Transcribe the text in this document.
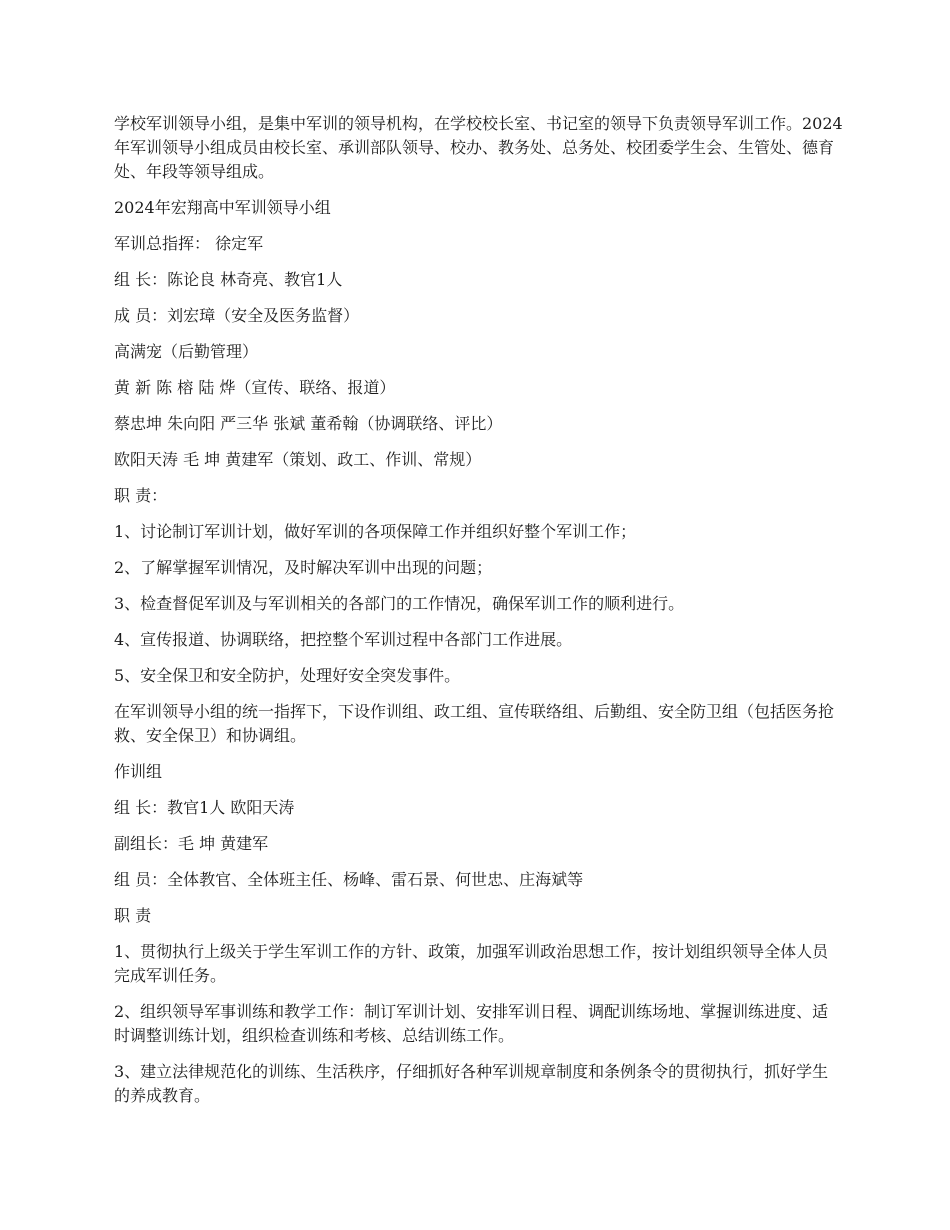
学校军训领导小组，是集中军训的领导机构，在学校校长室、书记室的领导下负责领导军训工作。2024年军训领导小组成员由校长室、承训部队领导、校办、教务处、总务处、校团委学生会、生管处、德育处、年段等领导组成。

2024年宏翔高中军训领导小组

军训总指挥： 徐定军

组 长：陈论良 林奇亮、教官1人

成 员：刘宏璋（安全及医务监督）

高满宠（后勤管理）

黄 新 陈 榕 陆 烨（宣传、联络、报道）

蔡忠坤 朱向阳 严三华 张斌 董希翰（协调联络、评比）

欧阳天涛 毛 坤 黄建军（策划、政工、作训、常规）

职 责：

1、讨论制订军训计划，做好军训的各项保障工作并组织好整个军训工作；

2、了解掌握军训情况，及时解决军训中出现的问题；

3、检查督促军训及与军训相关的各部门的工作情况，确保军训工作的顺利进行。

4、宣传报道、协调联络，把控整个军训过程中各部门工作进展。

5、安全保卫和安全防护，处理好安全突发事件。

在军训领导小组的统一指挥下，下设作训组、政工组、宣传联络组、后勤组、安全防卫组（包括医务抢救、安全保卫）和协调组。

作训组

组 长：教官1人 欧阳天涛

副组长：毛 坤 黄建军

组 员：全体教官、全体班主任、杨峰、雷石景、何世忠、庄海斌等

职 责

1、贯彻执行上级关于学生军训工作的方针、政策，加强军训政治思想工作，按计划组织领导全体人员完成军训任务。

2、组织领导军事训练和教学工作：制订军训计划、安排军训日程、调配训练场地、掌握训练进度、适时调整训练计划，组织检查训练和考核、总结训练工作。

3、建立法律规范化的训练、生活秩序，仔细抓好各种军训规章制度和条例条令的贯彻执行，抓好学生的养成教育。
